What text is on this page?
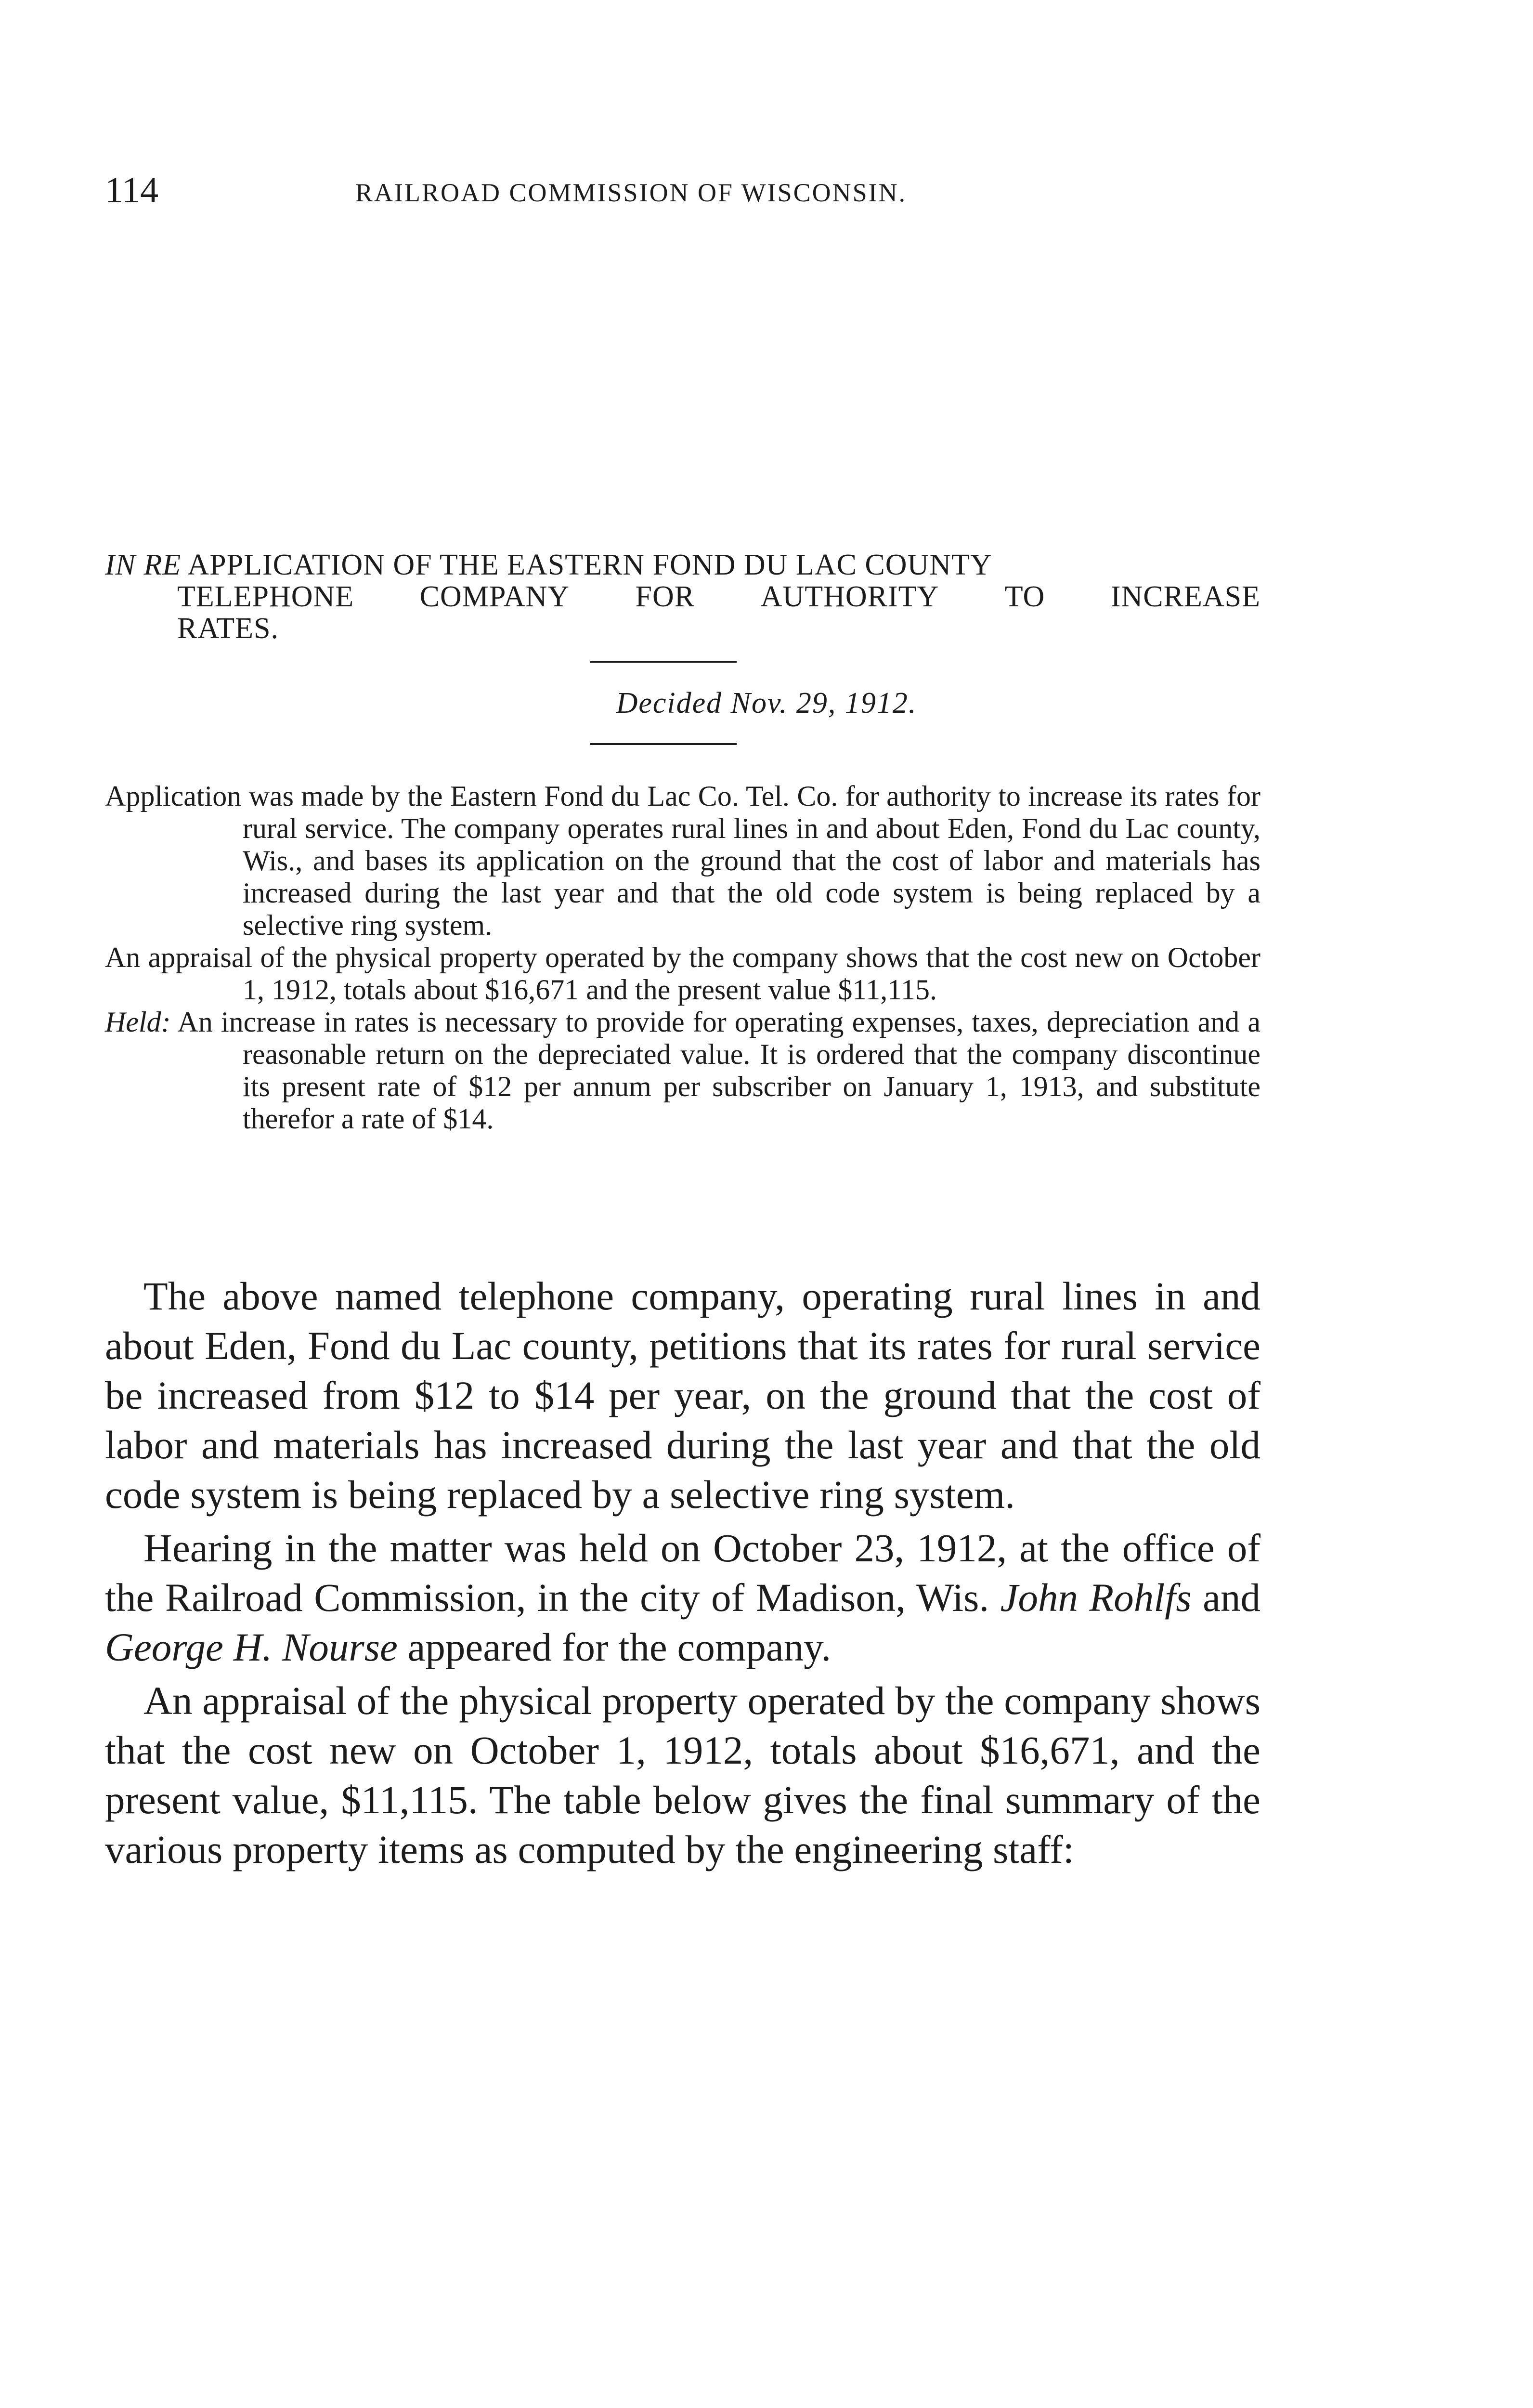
114	RAILROAD COMMISSION OF WISCONSIN.
IN RE APPLICATION OF THE EASTERN FOND DU LAC COUNTY
TELEPHONE COMPANY FOR AUTHORITY TO INCREASE
RATES.
Decided Nov. 29, 1912.

Application was made by the Eastern Fond du Lac Co. Tel. Co. for authority to increase its rates for rural service. The company operates rural lines in and about Eden, Fond du Lac county, Wis., and bases its application on the ground that the cost of labor and materials has increased during the last year and that the old code system is being replaced by a selective ring system.

An appraisal of the physical property operated by the company shows that the cost new on October 1, 1912, totals about $16,671 and the present value $11,115.

Held: An increase in rates is necessary to provide for operating expenses, taxes, depreciation and a reasonable return on the depreciated value. It is ordered that the company discontinue its present rate of $12 per annum per subscriber on January 1, 1913, and substitute therefor a rate of $14.

The above named telephone company, operating rural lines in and about Eden, Fond du Lac county, petitions that its rates for rural service be increased from $12 to $14 per year, on the ground that the cost of labor and materials has increased during the last year and that the old code system is being replaced by a selective ring system.

Hearing in the matter was held on October 23, 1912, at the office of the Railroad Commission, in the city of Madison, Wis. John Rohlfs and George H. Nourse appeared for the company.

An appraisal of the physical property operated by the company shows that the cost new on October 1, 1912, totals about $16,671, and the present value, $11,115. The table below gives the final summary of the various property items as computed by the engineering staff:
